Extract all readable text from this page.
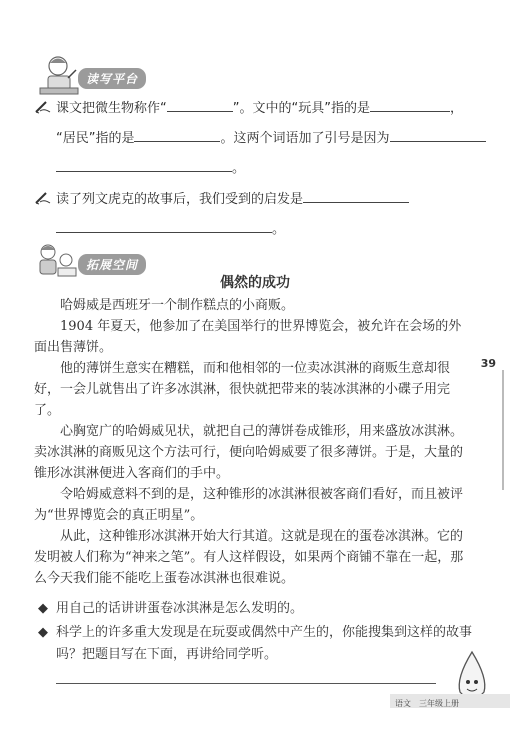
读写平台
课文把微生物称作“	”。文中的“玩具”指的是	，
“居民”指的是	。这两个词语加了引号是因为
。
读了列文虎克的故事后，我们受到的启发是
。
拓展空间
偶然的成功

哈姆威是西班牙一个制作糕点的小商贩。

1904 年夏天，他参加了在美国举行的世界博览会，被允许在会场的外面出售薄饼。

他的薄饼生意实在糟糕，而和他相邻的一位卖冰淇淋的商贩生意却很好，一会儿就售出了许多冰淇淋，很快就把带来的装冰淇淋的小碟子用完了。

心胸宽广的哈姆威见状，就把自己的薄饼卷成锥形，用来盛放冰淇淋。卖冰淇淋的商贩见这个方法可行，便向哈姆威要了很多薄饼。于是，大量的锥形冰淇淋便进入客商们的手中。

令哈姆威意料不到的是，这种锥形的冰淇淋很被客商们看好，而且被评为“世界博览会的真正明星”。

从此，这种锥形冰淇淋开始大行其道。这就是现在的蛋卷冰淇淋。它的发明被人们称为“神来之笔”。有人这样假设，如果两个商铺不靠在一起，那么今天我们能不能吃上蛋卷冰淇淋也很难说。

◆ 用自己的话讲讲蛋卷冰淇淋是怎么发明的。
◆ 科学上的许多重大发现是在玩耍或偶然中产生的，你能搜集到这样的故事吗？把题目写在下面，再讲给同学听。
39
语文　三年级上册
